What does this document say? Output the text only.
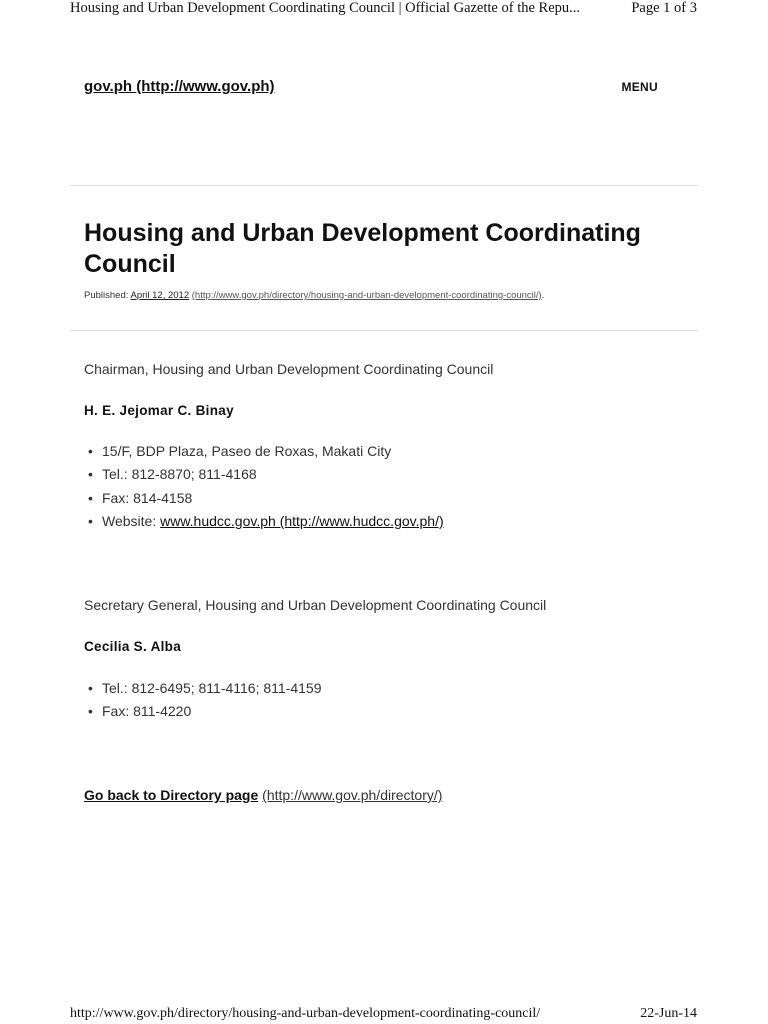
Housing and Urban Development Coordinating Council | Official Gazette of the Repu...	Page 1 of 3
gov.ph (http://www.gov.ph)	MENU
Housing and Urban Development Coordinating Council
Published: April 12, 2012 (http://www.gov.ph/directory/housing-and-urban-development-coordinating-council/).
Chairman, Housing and Urban Development Coordinating Council
H. E. Jejomar C. Binay
• 15/F, BDP Plaza, Paseo de Roxas, Makati City
• Tel.: 812-8870; 811-4168
• Fax: 814-4158
• Website: www.hudcc.gov.ph (http://www.hudcc.gov.ph/)
Secretary General, Housing and Urban Development Coordinating Council
Cecilia S. Alba
• Tel.: 812-6495; 811-4116; 811-4159
• Fax: 811-4220
Go back to Directory page (http://www.gov.ph/directory/)
http://www.gov.ph/directory/housing-and-urban-development-coordinating-council/	22-Jun-14
